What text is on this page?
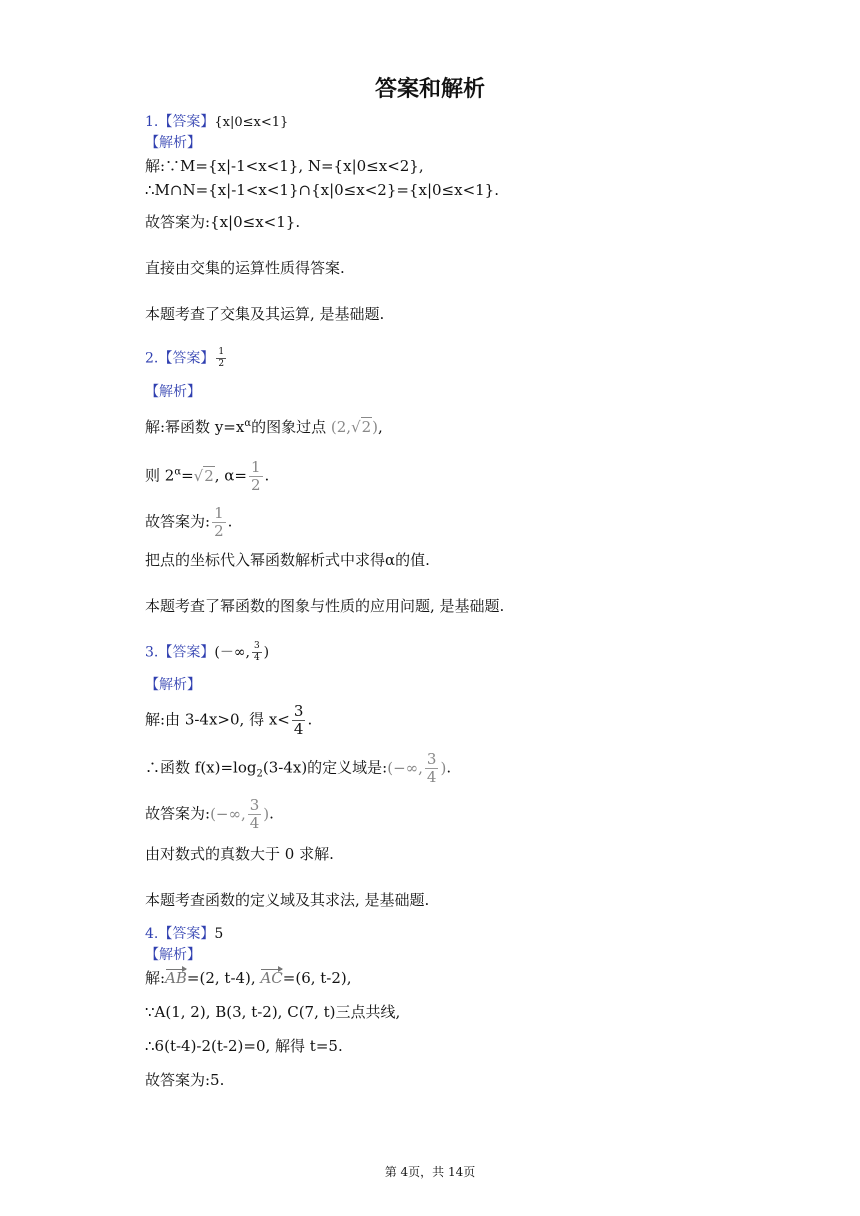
答案和解析
1.【答案】{x|0≤x<1}
【解析】
解:∵M={x|-1<x<1}, N={x|0≤x<2},
∴M∩N={x|-1<x<1}∩{x|0≤x<2}={x|0≤x<1}.
故答案为:{x|0≤x<1}.
直接由交集的运算性质得答案.
本题考查了交集及其运算, 是基础题.
2.【答案】 $\frac{1}{2}$
【解析】
解:幂函数 $y=x^\alpha$的图象过点 (2,√2),
则 $2^\alpha=√2$, $\alpha= \frac{1}{2}$ .
故答案为: $\frac{1}{2}$ .
把点的坐标代入幂函数解析式中求得α的值.
本题考查了幂函数的图象与性质的应用问题, 是基础题.
3.【答案】(－∞, $\frac{3}{4}$ )
【解析】
解:由 3-4x>0, 得 $x< \frac{3}{4}$ .
∴函数 $f(x)=\log_2(3-4x)$的定义域是:(−∞, $\frac{3}{4}$ ).
故答案为:(−∞, $\frac{3}{4}$ ).
由对数式的真数大于 0 求解.
本题考查函数的定义域及其求法, 是基础题.
4.【答案】5
【解析】
解:AB=(2, t-4), AC=(6, t-2),
∵A(1, 2), B(3, t-2), C(7, t)三点共线,
∴6(t-4)-2(t-2)=0, 解得 t=5.
故答案为:5.
第 4页，共 14页
